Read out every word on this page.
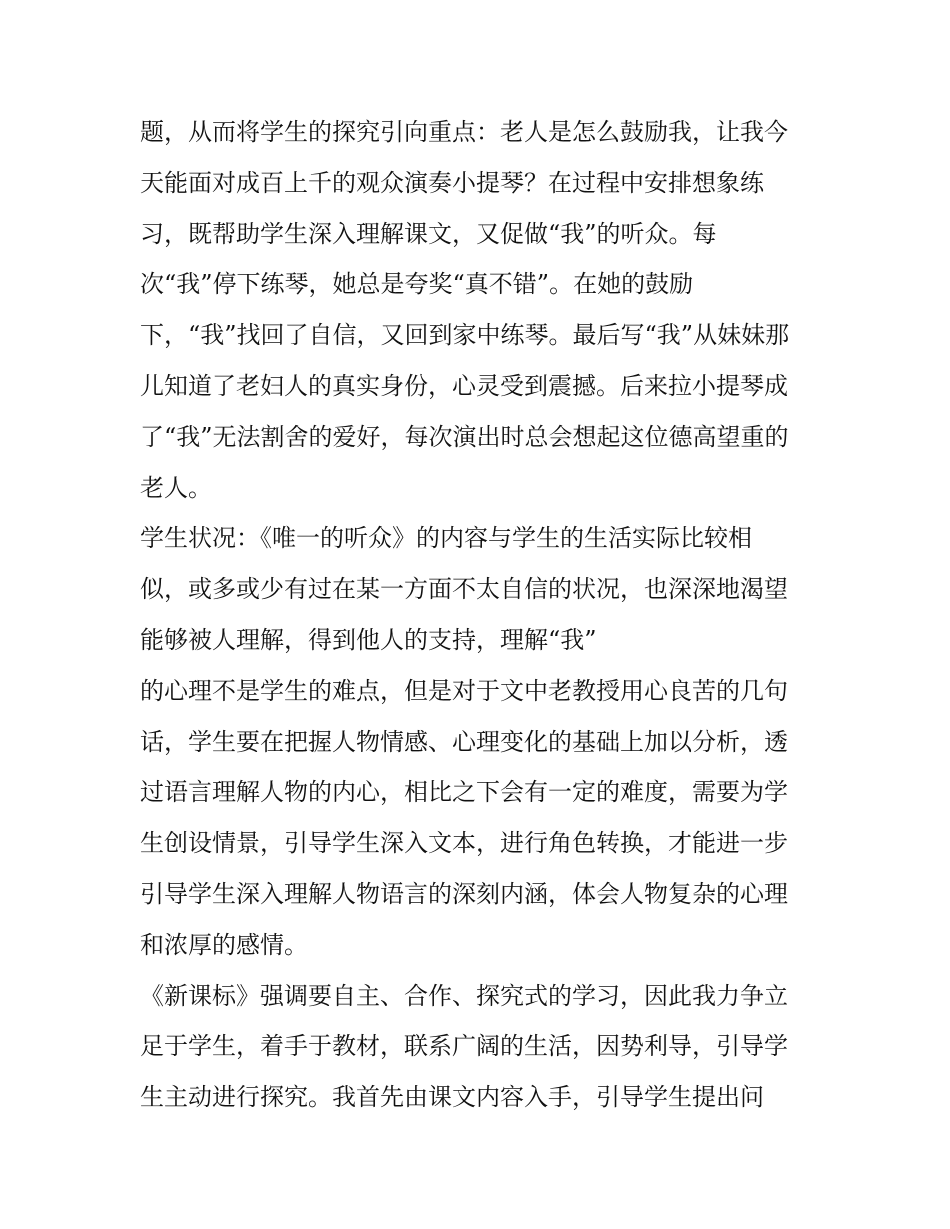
题，从而将学生的探究引向重点：老人是怎么鼓励我，让我今
天能面对成百上千的观众演奏小提琴？在过程中安排想象练
习，既帮助学生深入理解课文，又促做“我”的听众。每
次“我”停下练琴，她总是夸奖“真不错”。在她的鼓励
下，“我”找回了自信，又回到家中练琴。最后写“我”从妹妹那
儿知道了老妇人的真实身份，心灵受到震撼。后来拉小提琴成
了“我”无法割舍的爱好，每次演出时总会想起这位德高望重的
老人。
学生状况：《唯一的听众》的内容与学生的生活实际比较相
似，或多或少有过在某一方面不太自信的状况，也深深地渴望
能够被人理解，得到他人的支持，理解“我”
的心理不是学生的难点，但是对于文中老教授用心良苦的几句
话，学生要在把握人物情感、心理变化的基础上加以分析，透
过语言理解人物的内心，相比之下会有一定的难度，需要为学
生创设情景，引导学生深入文本，进行角色转换，才能进一步
引导学生深入理解人物语言的深刻内涵，体会人物复杂的心理
和浓厚的感情。
《新课标》强调要自主、合作、探究式的学习，因此我力争立
足于学生，着手于教材，联系广阔的生活，因势利导，引导学
生主动进行探究。我首先由课文内容入手，引导学生提出问
